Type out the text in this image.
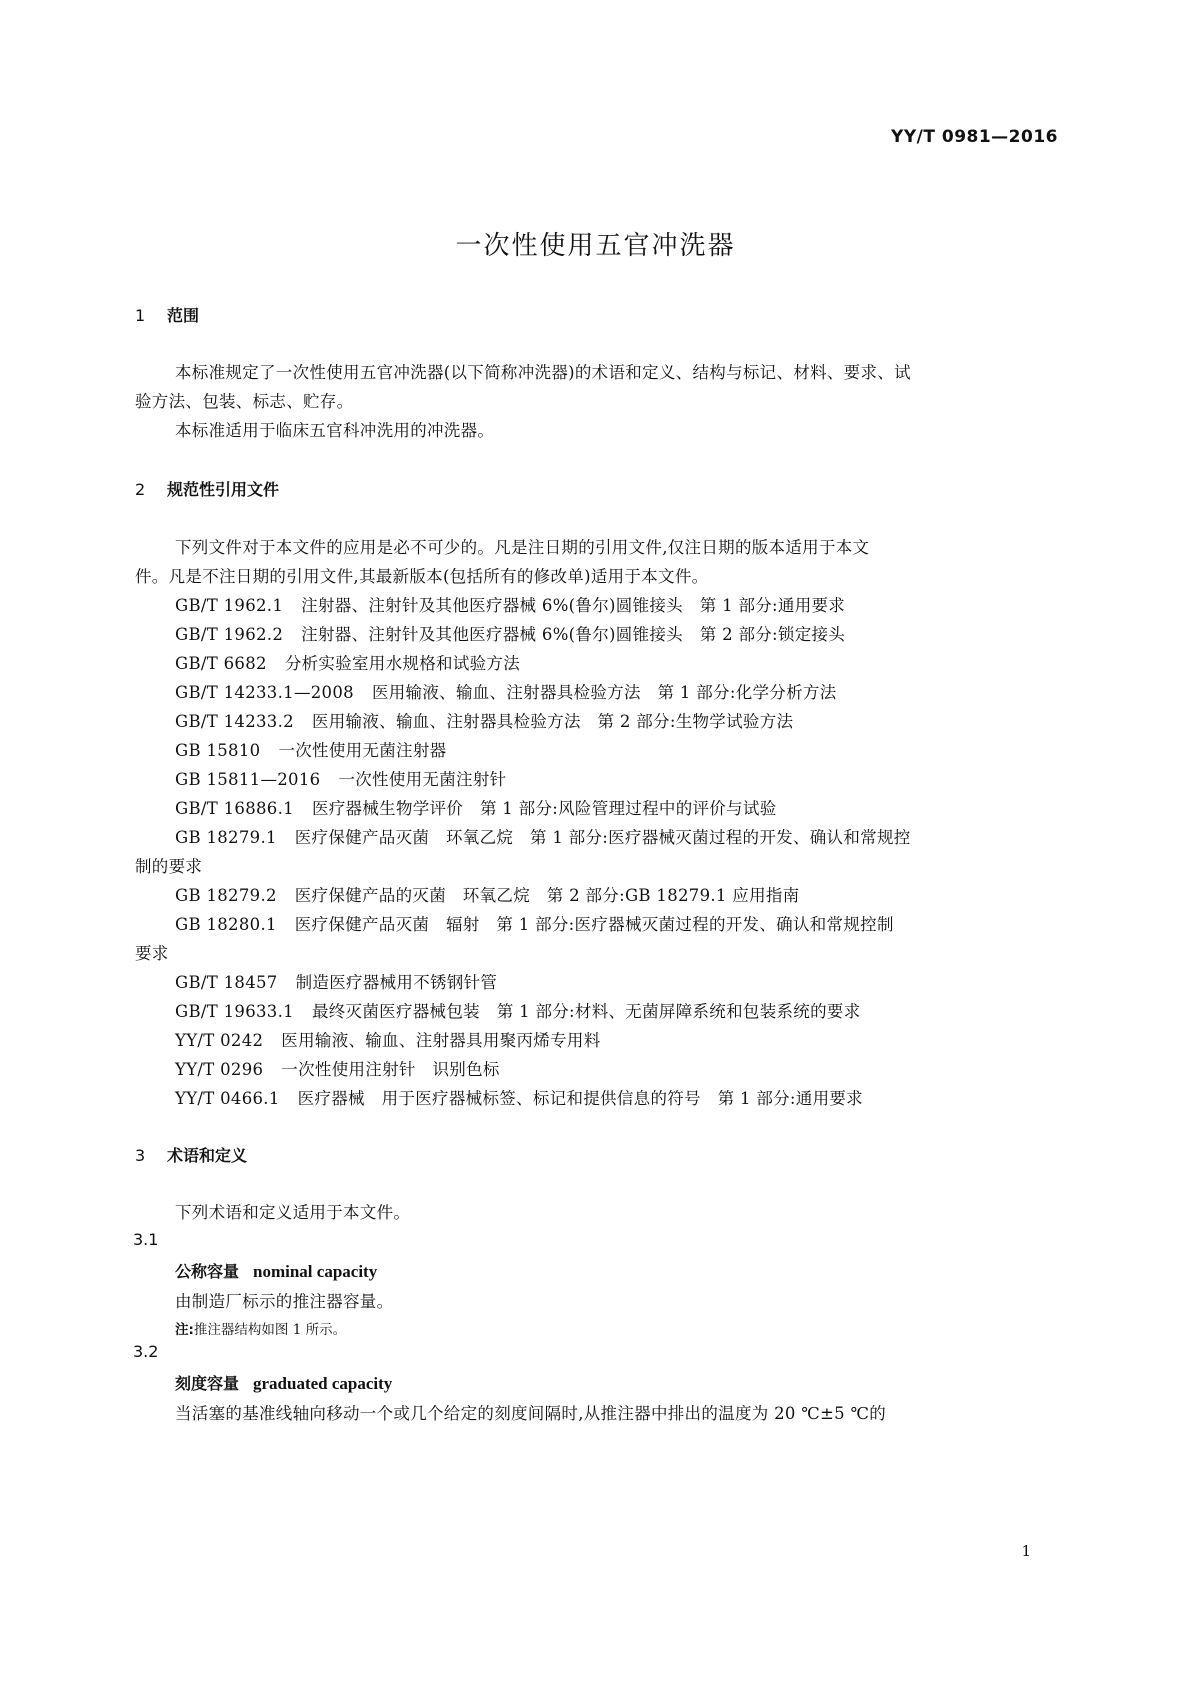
YY/T 0981—2016
一次性使用五官冲洗器
1 范围
本标准规定了一次性使用五官冲洗器(以下简称冲洗器)的术语和定义、结构与标记、材料、要求、试
验方法、包装、标志、贮存。
本标准适用于临床五官科冲洗用的冲洗器。
2 规范性引用文件
下列文件对于本文件的应用是必不可少的。凡是注日期的引用文件,仅注日期的版本适用于本文
件。凡是不注日期的引用文件,其最新版本(包括所有的修改单)适用于本文件。
GB/T 1962.1 注射器、注射针及其他医疗器械 6%(鲁尔)圆锥接头　第 1 部分:通用要求
GB/T 1962.2 注射器、注射针及其他医疗器械 6%(鲁尔)圆锥接头　第 2 部分:锁定接头
GB/T 6682 分析实验室用水规格和试验方法
GB/T 14233.1—2008 医用输液、输血、注射器具检验方法　第 1 部分:化学分析方法
GB/T 14233.2 医用输液、输血、注射器具检验方法　第 2 部分:生物学试验方法
GB 15810 一次性使用无菌注射器
GB 15811—2016 一次性使用无菌注射针
GB/T 16886.1 医疗器械生物学评价　第 1 部分:风险管理过程中的评价与试验
GB 18279.1 医疗保健产品灭菌　环氧乙烷　第 1 部分:医疗器械灭菌过程的开发、确认和常规控
制的要求
GB 18279.2 医疗保健产品的灭菌　环氧乙烷　第 2 部分:GB 18279.1 应用指南
GB 18280.1 医疗保健产品灭菌　辐射　第 1 部分:医疗器械灭菌过程的开发、确认和常规控制
要求
GB/T 18457 制造医疗器械用不锈钢针管
GB/T 19633.1 最终灭菌医疗器械包装　第 1 部分:材料、无菌屏障系统和包装系统的要求
YY/T 0242 医用输液、输血、注射器具用聚丙烯专用料
YY/T 0296 一次性使用注射针　识别色标
YY/T 0466.1 医疗器械　用于医疗器械标签、标记和提供信息的符号　第 1 部分:通用要求
3 术语和定义
下列术语和定义适用于本文件。
3.1
公称容量 nominal capacity
由制造厂标示的推注器容量。
注:推注器结构如图 1 所示。
3.2
刻度容量 graduated capacity
当活塞的基准线轴向移动一个或几个给定的刻度间隔时,从推注器中排出的温度为 20 ℃±5 ℃的
1
